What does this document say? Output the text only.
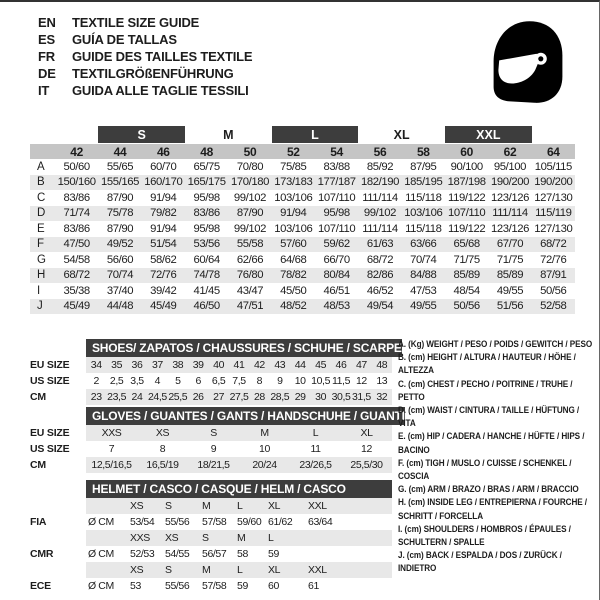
EN	TEXTILE SIZE GUIDE
ES	GUÍA DE TALLAS
FR	GUIDE DES TAILLES TEXTILE
DE	TEXTILGRÖßENFÜHRUNG
IT	GUIDA ALLE TAGLIE TESSILI
S	M	L	XL	XXL
42	44	46	48	50	52	54	56	58	60	62	64
A	50/60	55/65	60/70	65/75	70/80	75/85	83/88	85/92	87/95	90/100 95/100 105/115
B	150/160 155/165 160/170 165/175 170/180 173/183 177/187 182/190 185/195 187/198 190/200 190/200
C	83/86	87/90	91/94	95/98	99/102 103/106 107/110 111/114 115/118 119/122 123/126 127/130
D	71/74	75/78	79/82	83/86	87/90	91/94	95/98	99/102 103/106 107/110 111/114 115/119
E	83/86	87/90	91/94	95/98	99/102 103/106 107/110 111/114 115/118 119/122 123/126 127/130
F	47/50	49/52	51/54	53/56	55/58	57/60	59/62	61/63	63/66	65/68	67/70	68/72
G	54/58	56/60	58/62	60/64	62/66	64/68	66/70	68/72	70/74	71/75	71/75	72/76
H	68/72	70/74	72/76	74/78	76/80	78/82	80/84	82/86	84/88	85/89	85/89	87/91
I	35/38	37/40	39/42	41/45	43/47	45/50	46/51	46/52	47/53	48/54	49/55	50/56
J	45/49	44/48	45/49	46/50	47/51	48/52	48/53	49/54	49/55	50/56	51/56	52/58
SHOES/ ZAPATOS / CHAUSSURES / SCHUHE / SCARPE
EU SIZE	34 35 36 37 38 39 40 41 42 43 44 45 46 47 48
US SIZE	2	2,5 3,5	4	5	6	6,5 7,5	8	9	10 10,5 11,5 12 13
CM	23 23,5 24 24,5 25,5 26 27 27,5 28 28,5 29 30 30,5 31,5 32
GLOVES / GUANTES / GANTS / HANDSCHUHE / GUANTI
EU SIZE	XXS	XS	S	M	L	XL
US SIZE	7	8	9	10	11	12
CM	12,5/16,5	16,5/19	18/21,5	20/24	23/26,5	25,5/30
HELMET / CASCO / CASQUE / HELM / CASCO
XS	S	M	L	XL	XXL
FIA	Ø CM	53/54	55/56	57/58	59/60 61/62	63/64
XXS	XS	S	M	L
CMR	Ø CM	52/53	54/55	56/57	58	59
XS	S	M	L	XL	XXL
ECE	Ø CM	53	55/56	57/58	59	60	61
A. (Kg) WEIGHT / PESO / POIDS / GEWITCH / PESO
B. (cm) HEIGHT / ALTURA / HAUTEUR / HÖHE / ALTEZZA
C. (cm) CHEST / PECHO / POITRINE / TRUHE / PETTO
D. (cm) WAIST / CINTURA / TAILLE / HÜFTUNG / VITA
E. (cm) HIP / CADERA / HANCHE / HÜFTE / HIPS / BACINO
F. (cm) TIGH / MUSLO / CUISSE / SCHENKEL / COSCIA
G. (cm) ARM / BRAZO / BRAS / ARM / BRACCIO
H. (cm) INSIDE LEG / ENTREPIERNA / FOURCHE / SCHRITT / FORCELLA
I. (cm) SHOULDERS / HOMBROS / ÉPAULES / SCHULTERN / SPALLE
J. (cm) BACK / ESPALDA / DOS / ZURÜCK / INDIETRO
